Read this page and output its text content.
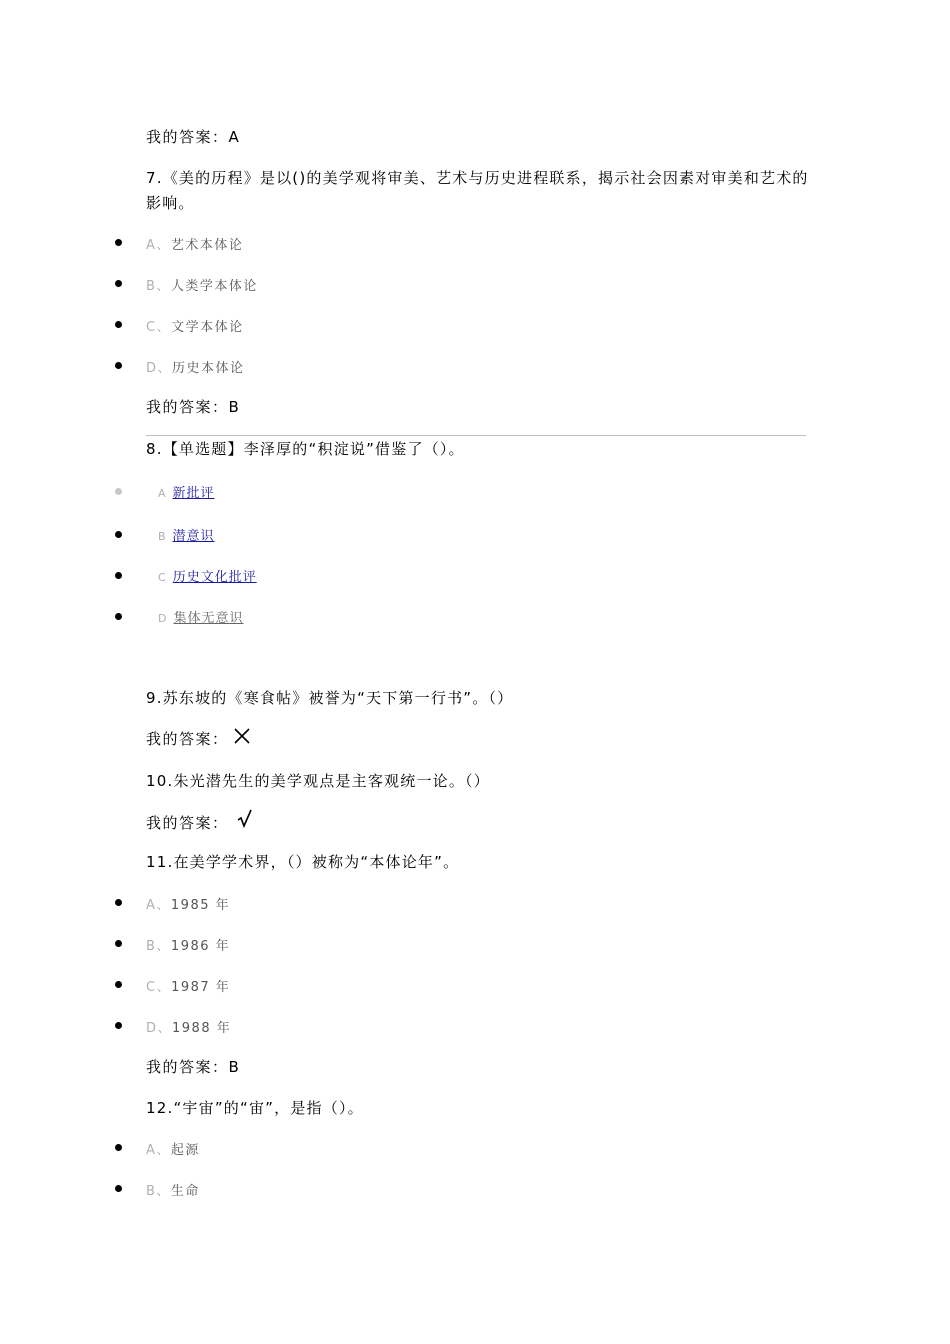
我的答案：A
7.《美的历程》是以()的美学观将审美、艺术与历史进程联系，揭示社会因素对审美和艺术的
影响。
A、艺术本体论
B、人类学本体论
C、文学本体论
D、历史本体论
我的答案：B
8.【单选题】李泽厚的“积淀说”借鉴了（）。
A 新批评
B 潜意识
C 历史文化批评
D 集体无意识
9.苏东坡的《寒食帖》被誉为“天下第一行书”。（）
我的答案：
10.朱光潜先生的美学观点是主客观统一论。（）
我的答案：
11.在美学学术界，（）被称为“本体论年”。
A、1985 年
B、1986 年
C、1987 年
D、1988 年
我的答案：B
12.“宇宙”的“宙”，是指（）。
A、起源
B、生命
